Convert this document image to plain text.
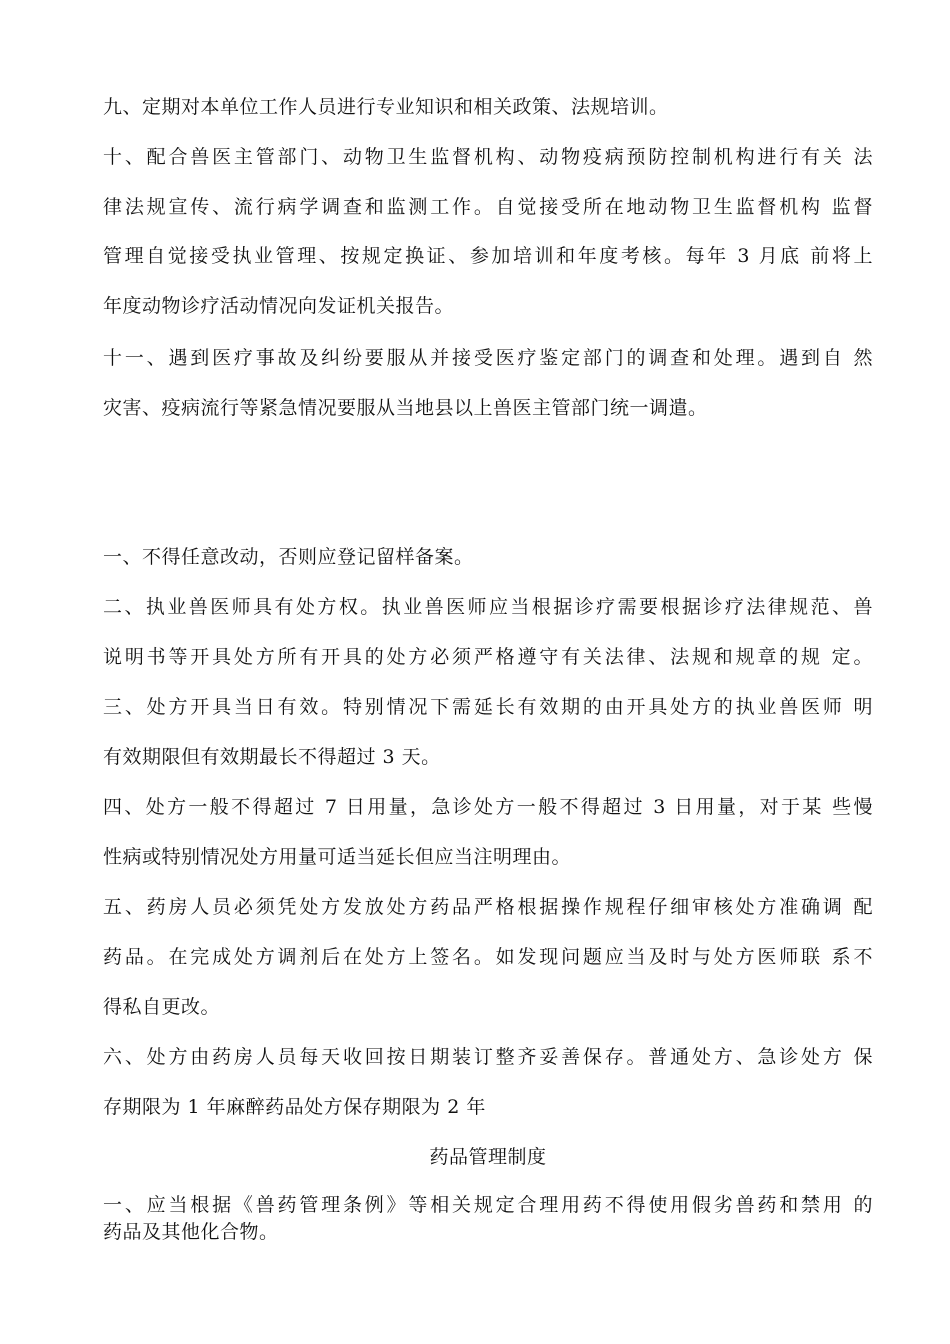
九、定期对本单位工作人员进行专业知识和相关政策、法规培训。
十、配合兽医主管部门、动物卫生监督机构、动物疫病预防控制机构进行有关 法
律法规宣传、流行病学调查和监测工作。自觉接受所在地动物卫生监督机构 监督
管理自觉接受执业管理、按规定换证、参加培训和年度考核。每年 3 月底 前将上
年度动物诊疗活动情况向发证机关报告。
十一、遇到医疗事故及纠纷要服从并接受医疗鉴定部门的调查和处理。遇到自 然
灾害、疫病流行等紧急情况要服从当地县以上兽医主管部门统一调遣。
一、不得任意改动，否则应登记留样备案。
二、执业兽医师具有处方权。执业兽医师应当根据诊疗需要根据诊疗法律规范、兽
说明书等开具处方所有开具的处方必须严格遵守有关法律、法规和规章的规 定。
三、处方开具当日有效。特别情况下需延长有效期的由开具处方的执业兽医师 明
有效期限但有效期最长不得超过 3 天。
四、处方一般不得超过 7 日用量，急诊处方一般不得超过 3 日用量，对于某 些慢
性病或特别情况处方用量可适当延长但应当注明理由。
五、药房人员必须凭处方发放处方药品严格根据操作规程仔细审核处方准确调 配
药品。在完成处方调剂后在处方上签名。如发现问题应当及时与处方医师联 系不
得私自更改。
六、处方由药房人员每天收回按日期装订整齐妥善保存。普通处方、急诊处方 保
存期限为 1 年麻醉药品处方保存期限为 2 年
药品管理制度
一、应当根据《兽药管理条例》等相关规定合理用药不得使用假劣兽药和禁用 的
药品及其他化合物。
